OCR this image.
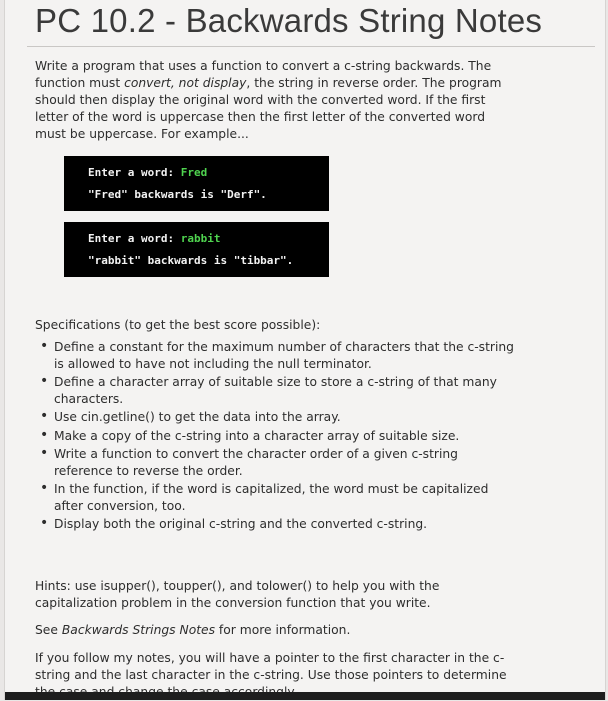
PC 10.2 - Backwards String Notes

Write a program that uses a function to convert a c-string backwards. The function must convert, not display, the string in reverse order. The program should then display the original word with the converted word. If the first letter of the word is uppercase then the first letter of the converted word must be uppercase. For example...

Enter a word: Fred
"Fred" backwards is "Derf".
Enter a word: rabbit
"rabbit" backwards is "tibbar".

Specifications (to get the best score possible):

• Define a constant for the maximum number of characters that the c-string is allowed to have not including the null terminator.
• Define a character array of suitable size to store a c-string of that many characters.
• Use cin.getline() to get the data into the array.
• Make a copy of the c-string into a character array of suitable size.
• Write a function to convert the character order of a given c-string reference to reverse the order.
• In the function, if the word is capitalized, the word must be capitalized after conversion, too.
• Display both the original c-string and the converted c-string.

Hints: use isupper(), toupper(), and tolower() to help you with the capitalization problem in the conversion function that you write.

See Backwards Strings Notes for more information.

If you follow my notes, you will have a pointer to the first character in the c-string and the last character in the c-string. Use those pointers to determine
